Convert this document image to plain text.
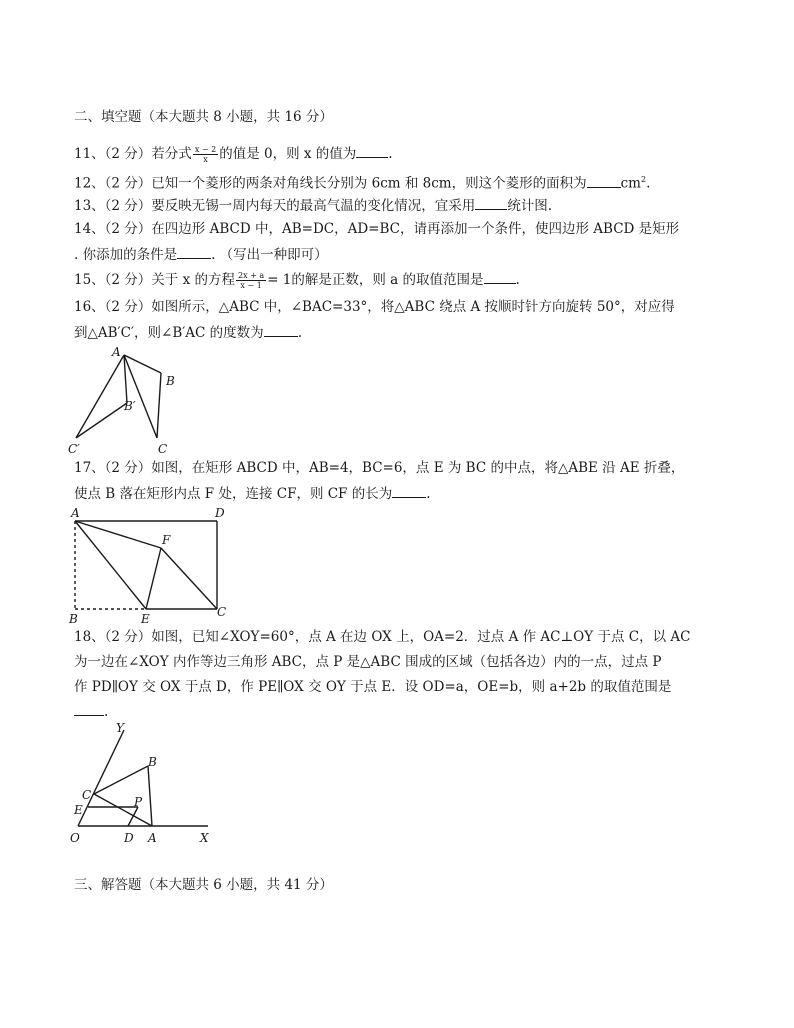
二、填空题（本大题共 8 小题，共 16 分）
11、（2 分）若分式 $\frac{x - 2}{x}$ 的值是 0，则 x 的值为 .
12、（2 分）已知一个菱形的两条对角线长分别为 6cm 和 8cm，则这个菱形的面积为	$cm^2$.
13、（2 分）要反映无锡一周内每天的最高气温的变化情况，宜采用 统计图.
14、（2 分）在四边形 ABCD 中，AB=DC，AD=BC，请再添加一个条件，使四边形 ABCD 是矩形
. 你添加的条件是	. （写出一种即可）
15、（2 分）关于 x 的方程 $\frac{2x + a}{x - 1} = 1$的解是正数，则 a 的取值范围是 .
16、（2 分）如图所示，△ABC 中，∠BAC=33°，将△ABC 绕点 A 按顺时针方向旋转 50°，对应得
到△AB′C′，则∠B′AC 的度数为	.
A
B
B′
C
C′
17、（2 分）如图，在矩形 ABCD 中，AB=4，BC=6，点 E 为 BC 的中点，将△ABE 沿 AE 折叠，
使点 B 落在矩形内点 F 处，连接 CF，则 CF 的长为	.
A	D
F
B	E	C
18、（2 分）如图，已知∠XOY=60°，点 A 在边 OX 上，OA=2．过点 A 作 AC⊥OY 于点 C，以 AC
为一边在∠XOY 内作等边三角形 ABC，点 P 是△ABC 围成的区域（包括各边）内的一点，过点 P
作 PD∥OY 交 OX 于点 D，作 PE∥OX 交 OY 于点 E．设 OD=a，OE=b，则 a+2b 的取值范围是
.
Y
B
C	P
E
O	D A	X
三、解答题（本大题共 6 小题，共 41 分）
